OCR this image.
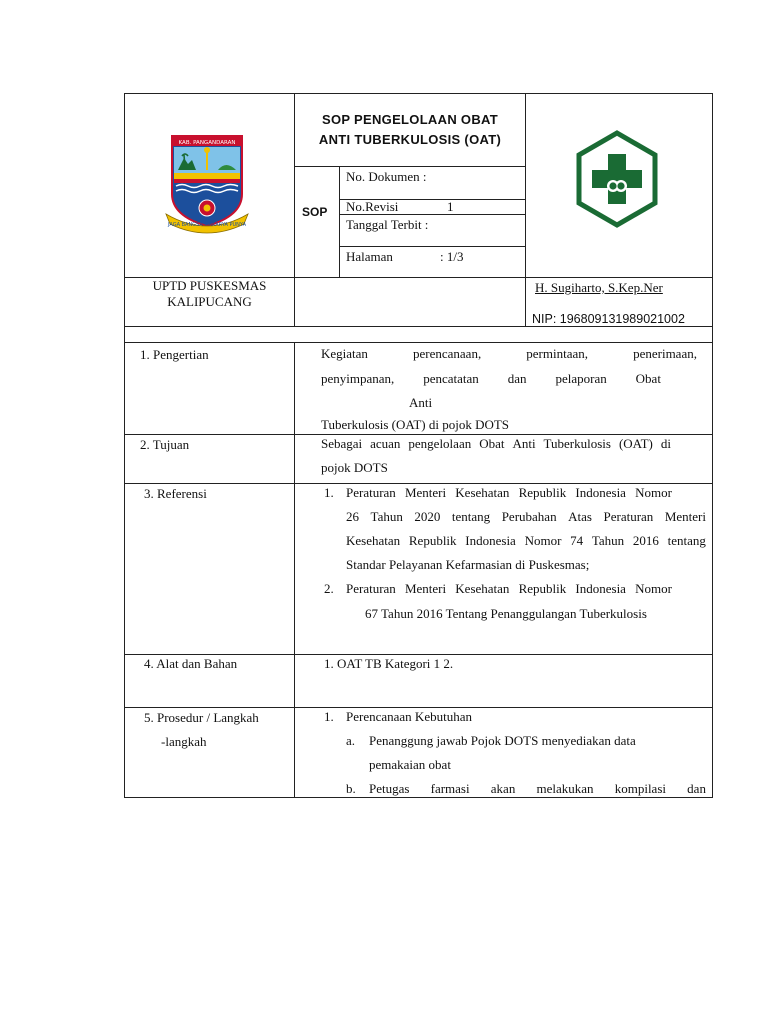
KAB. PANGANDARAN
JAGA BANGSA MAKARYA PUNYA
SOP PENGELOLAAN OBAT
ANTI TUBERKULOSIS (OAT)
SOP
No. Dokumen :
No.Revisi	1
Tanggal Terbit :
Halaman	: 1/3
UPTD PUSKESMAS
KALIPUCANG
H. Sugiharto, S.Kep.Ner
NIP: 196809131989021002
1. Pengertian	Kegiatan	perencanaan,	permintaan,	penerimaan,
penyimpanan, pencatatan dan pelaporan Obat
Anti
Tuberkulosis (OAT) di pojok DOTS
2. Tujuan	Sebagai acuan pengelolaan Obat Anti Tuberkulosis (OAT) di
pojok DOTS
3. Referensi	1. Peraturan Menteri Kesehatan Republik Indonesia Nomor
26 Tahun 2020 tentang Perubahan Atas Peraturan Menteri
Kesehatan Republik Indonesia Nomor 74 Tahun 2016 tentang
Standar Pelayanan Kefarmasian di Puskesmas;
2. Peraturan Menteri Kesehatan Republik Indonesia Nomor
67 Tahun 2016 Tentang Penanggulangan Tuberkulosis
4. Alat dan Bahan	1. OAT TB Kategori 1 2.
5. Prosedur / Langkah
-langkah
1. Perencanaan Kebutuhan
a. Penanggung jawab Pojok DOTS menyediakan data
pemakaian obat
b. Petugas farmasi akan melakukan kompilasi dan
